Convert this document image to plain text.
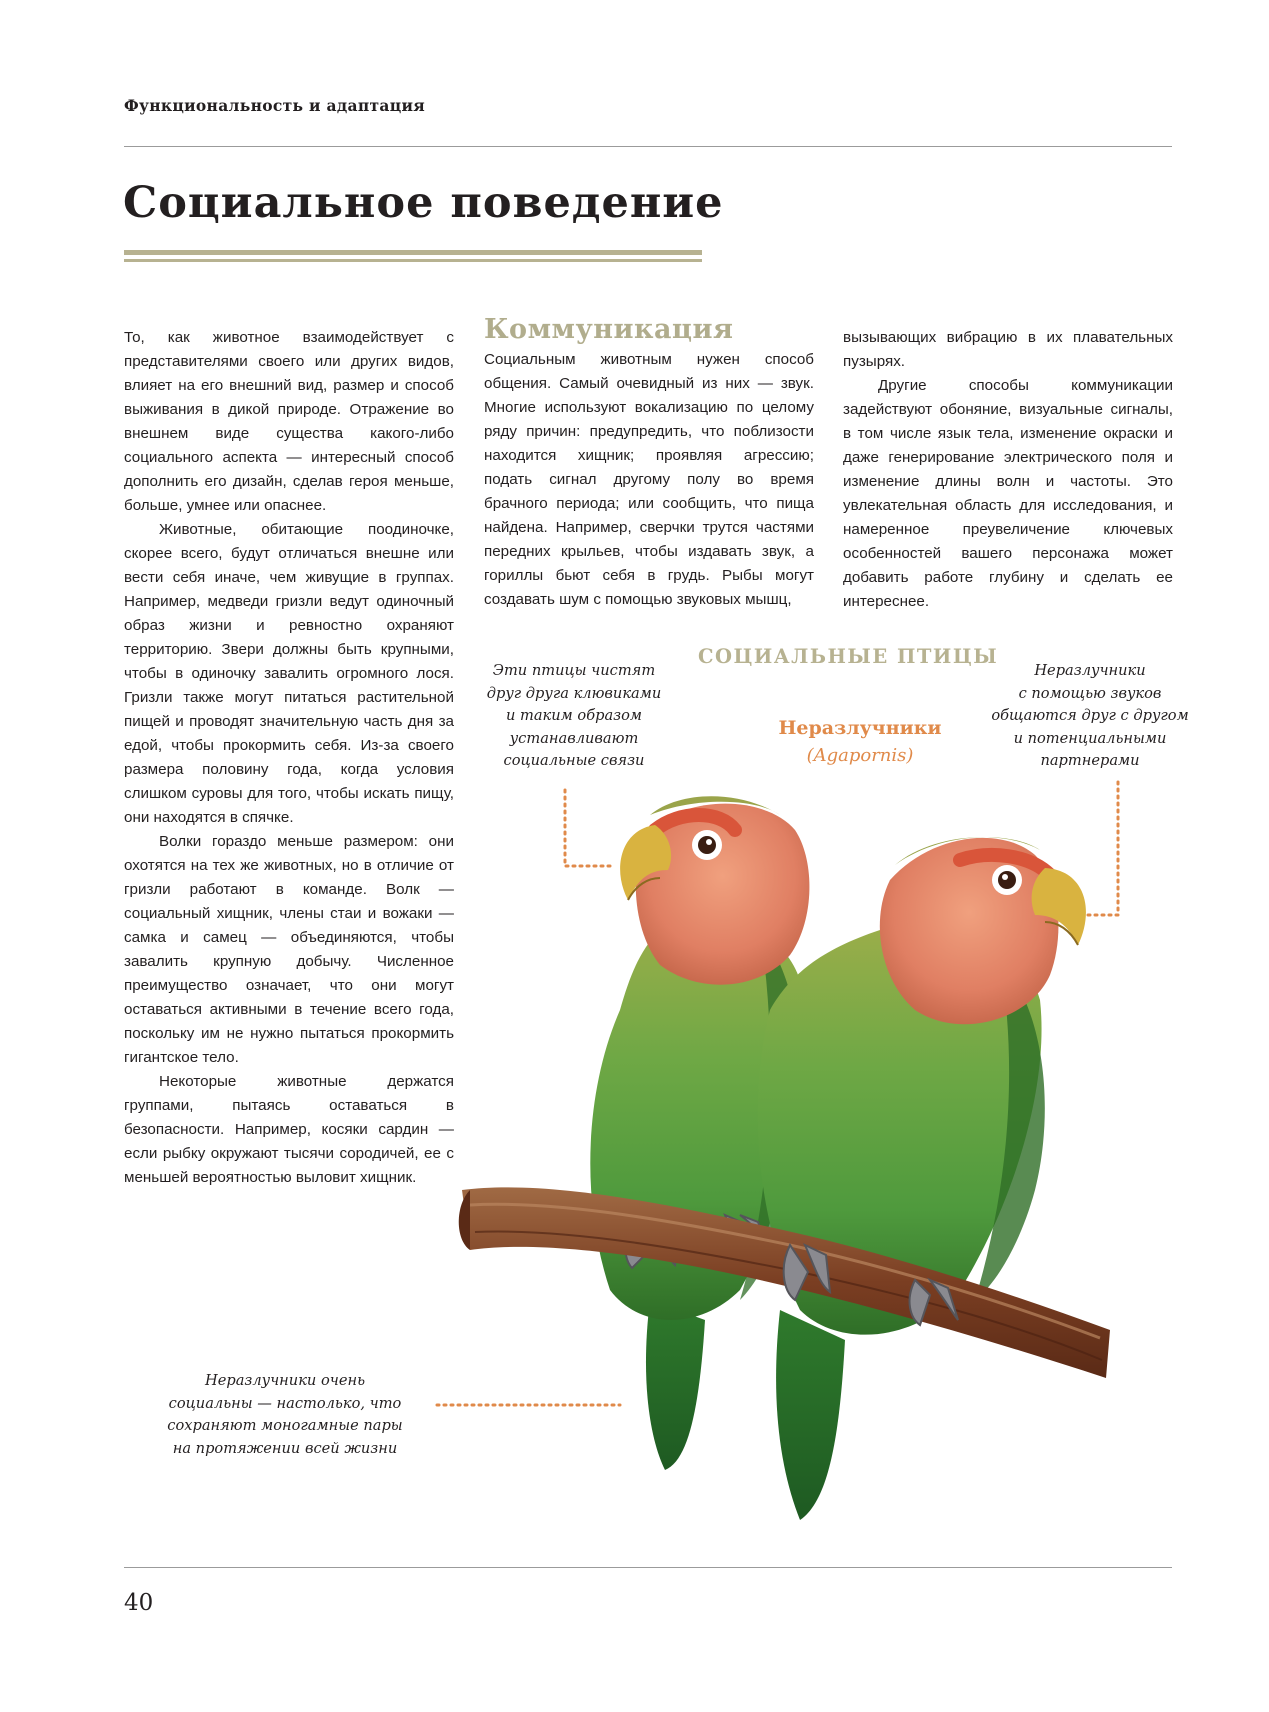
Функциональность и адаптация
Социальное поведение

То, как животное взаимодействует с представителями своего или других видов, влияет на его внешний вид, размер и способ выживания в дикой природе. Отражение во внешнем виде существа какого-либо социального аспекта — интересный способ дополнить его дизайн, сделав героя меньше, больше, умнее или опаснее.

Животные, обитающие поодиночке, скорее всего, будут отличаться внешне или вести себя иначе, чем живущие в группах. Например, медведи гризли ведут одиночный образ жизни и ревностно охраняют территорию. Звери должны быть крупными, чтобы в одиночку завалить огромного лося. Гризли также могут питаться растительной пищей и проводят значительную часть дня за едой, чтобы прокормить себя. Из-за своего размера половину года, когда условия слишком суровы для того, чтобы искать пищу, они находятся в спячке.

Волки гораздо меньше размером: они охотятся на тех же животных, но в отличие от гризли работают в команде. Волк — социальный хищник, члены стаи и вожаки — самка и самец — объединяются, чтобы завалить крупную добычу. Численное преимущество означает, что они могут оставаться активными в течение всего года, поскольку им не нужно пытаться прокормить гигантское тело.

Некоторые животные держатся группами, пытаясь оставаться в безопасности. Например, косяки сардин — если рыбку окружают тысячи сородичей, ее с меньшей вероятностью выловит хищник.

Коммуникация

Социальным животным нужен способ общения. Самый очевидный из них — звук. Многие используют вокализацию по целому ряду причин: предупредить, что поблизости находится хищник; проявляя агрессию; подать сигнал другому полу во время брачного периода; или сообщить, что пища найдена. Например, сверчки трутся частями передних крыльев, чтобы издавать звук, а гориллы бьют себя в грудь. Рыбы могут создавать шум с помощью звуковых мышц,

вызывающих вибрацию в их плавательных пузырях.

Другие способы коммуникации задействуют обоняние, визуальные сигналы, в том числе язык тела, изменение окраски и даже генерирование электрического поля и изменение длины волн и частоты. Это увлекательная область для исследования, и намеренное преувеличение ключевых особенностей вашего персонажа может добавить работе глубину и сделать ее интереснее.

СОЦИАЛЬНЫЕ ПТИЦЫ
Неразлучники
(Agapornis)
Эти птицы чистят
друг друга клювиками
и таким образом
устанавливают
социальные связи
Неразлучники
с помощью звуков
общаются друг с другом
и потенциальными
партнерами
Неразлучники очень
социальны — настолько, что
сохраняют моногамные пары
на протяжении всей жизни
40
